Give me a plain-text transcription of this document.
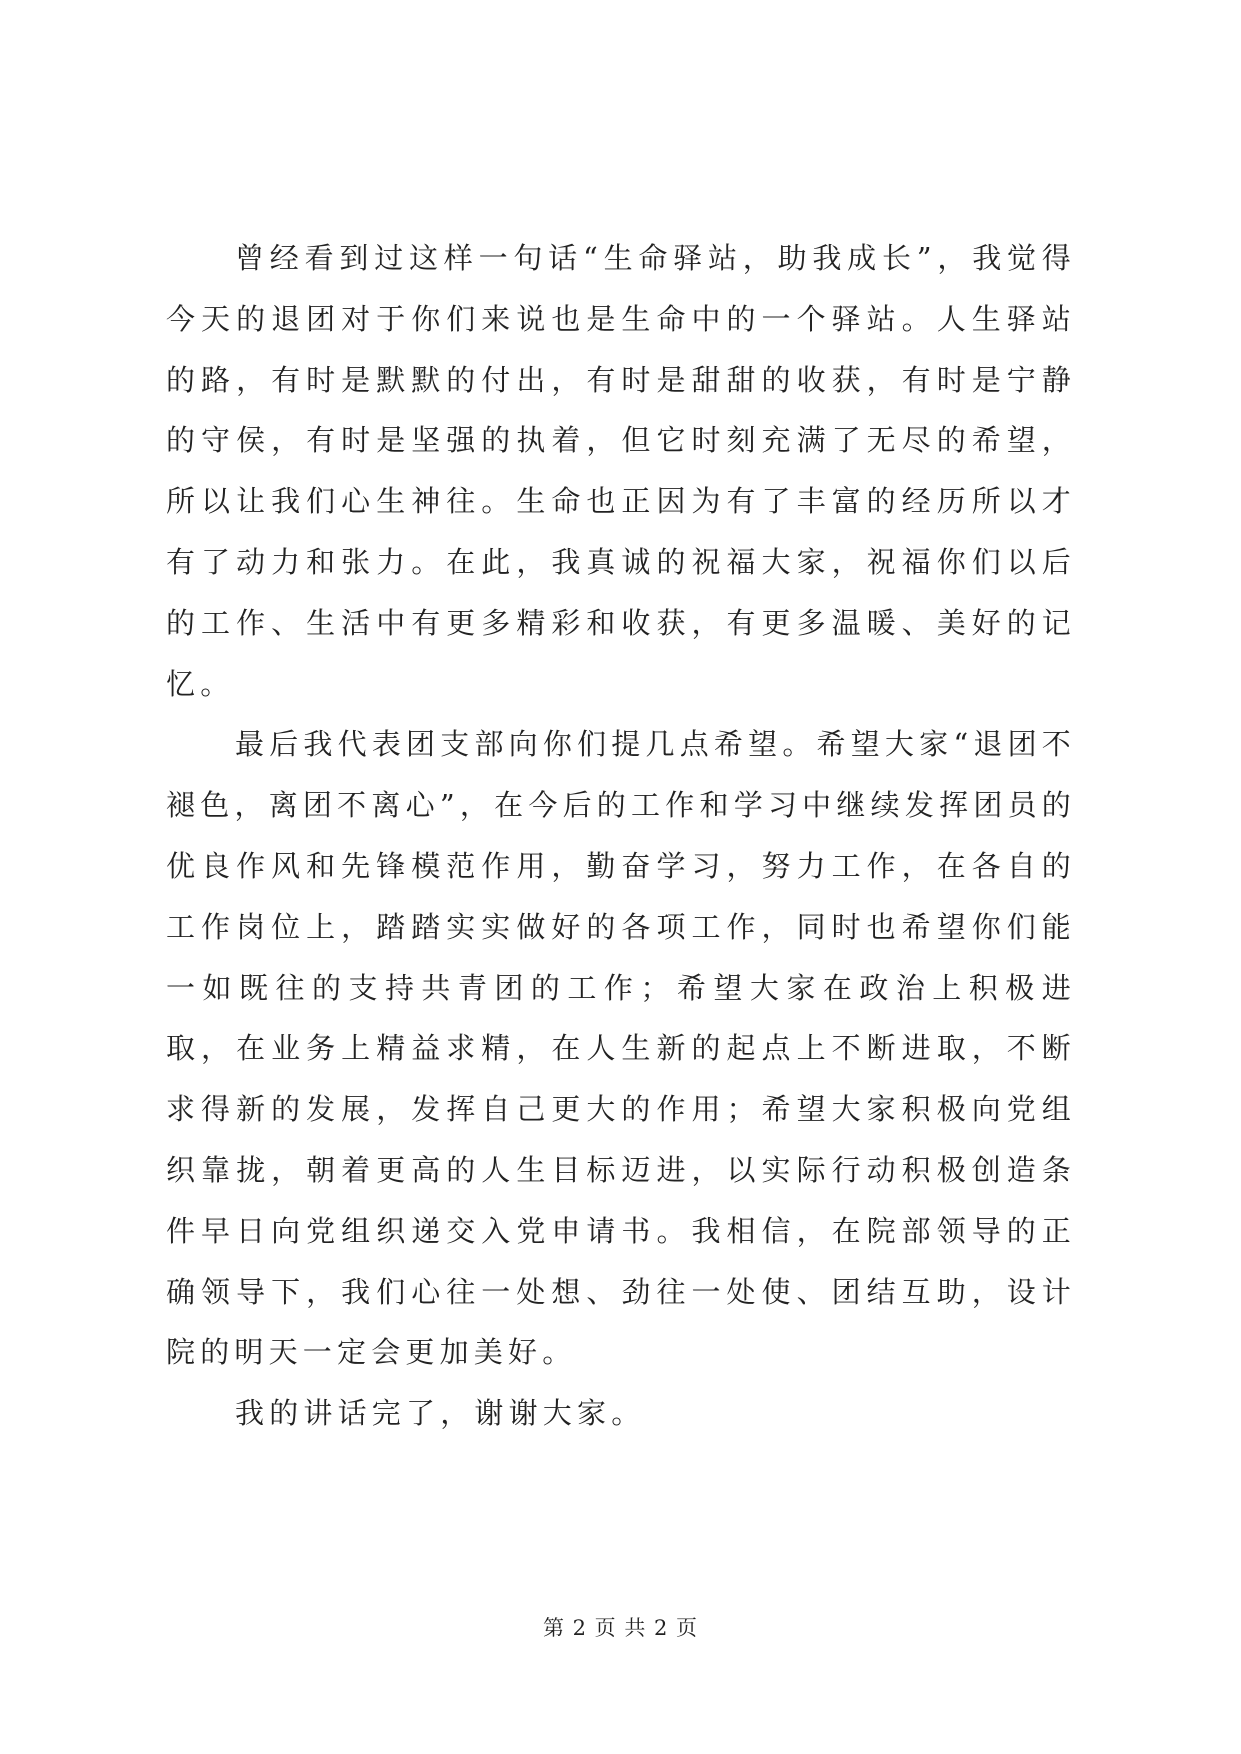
曾经看到过这样一句话“生命驿站，助我成长”，我觉得今天的退团对于你们来说也是生命中的一个驿站。人生驿站的路，有时是默默的付出，有时是甜甜的收获，有时是宁静的守侯，有时是坚强的执着，但它时刻充满了无尽的希望，所以让我们心生神往。生命也正因为有了丰富的经历所以才有了动力和张力。在此，我真诚的祝福大家，祝福你们以后的工作、生活中有更多精彩和收获，有更多温暖、美好的记忆。

最后我代表团支部向你们提几点希望。希望大家“退团不褪色，离团不离心”，在今后的工作和学习中继续发挥团员的优良作风和先锋模范作用，勤奋学习，努力工作，在各自的工作岗位上，踏踏实实做好的各项工作，同时也希望你们能一如既往的支持共青团的工作；希望大家在政治上积极进取，在业务上精益求精，在人生新的起点上不断进取，不断求得新的发展，发挥自己更大的作用；希望大家积极向党组织靠拢，朝着更高的人生目标迈进，以实际行动积极创造条件早日向党组织递交入党申请书。我相信，在院部领导的正确领导下，我们心往一处想、劲往一处使、团结互助，设计院的明天一定会更加美好。

我的讲话完了，谢谢大家。

第 2 页 共 2 页
